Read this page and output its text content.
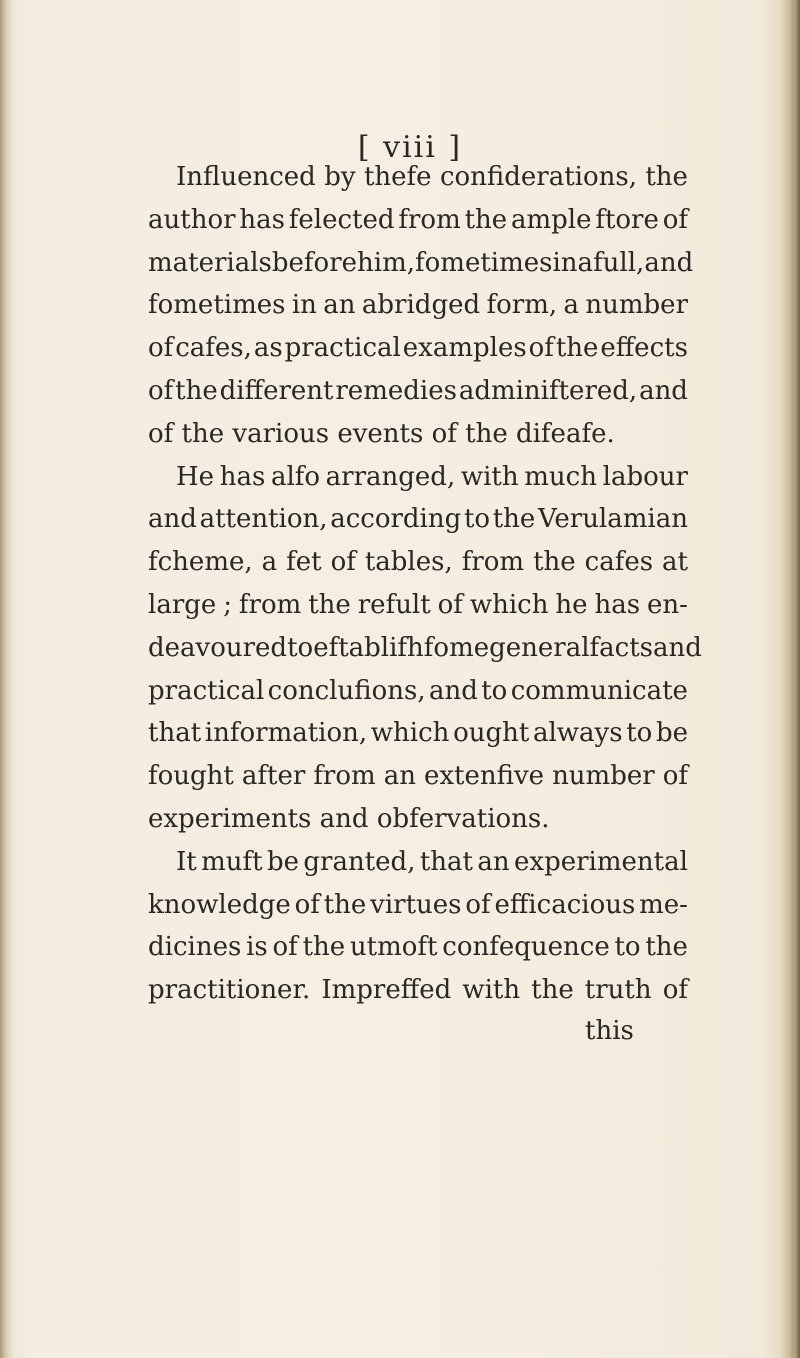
[ viii ]
Influenced by thefe confiderations, the
author has felected from the ample ftore of
materials before him, fometimes in a full, and
fometimes in an abridged form, a number
of cafes, as practical examples of the effects
of the different remedies adminiftered, and
of the various events of the difeafe.
He has alfo arranged, with much labour
and attention, according to the Verulamian
fcheme, a fet of tables, from the cafes at
large ; from the refult of which he has en-
deavoured to eftablifh fome general facts and
practical conclufions, and to communicate
that information, which ought always to be
fought after from an extenfive number of
experiments and obfervations.
It muft be granted, that an experimental
knowledge of the virtues of efficacious me-
dicines is of the utmoft confequence to the
practitioner. Impreffed with the truth of
this
